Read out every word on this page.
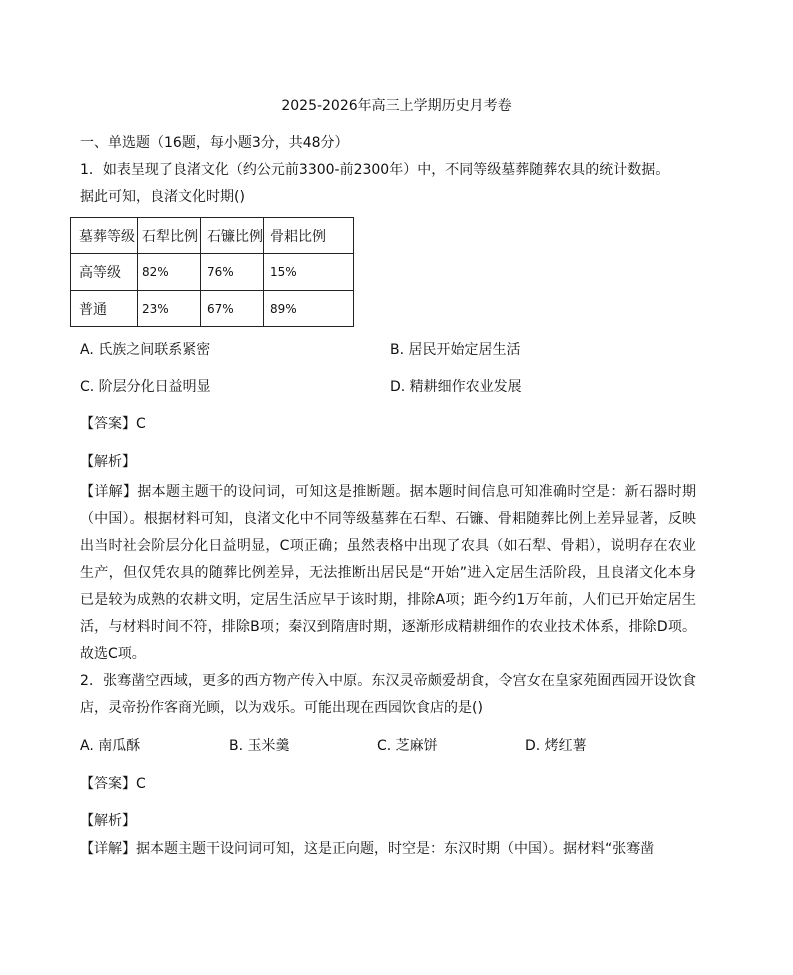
2025-2026年高三上学期历史月考卷
一、单选题（16题，每小题3分，共48分）
1．如表呈现了良渚文化（约公元前3300-前2300年）中，不同等级墓葬随葬农具的统计数据。
据此可知，良渚文化时期()
墓葬等级	石犁比例	石镰比例	骨耜比例
高等级	82%	76%	15%
普通	23%	67%	89%
A. 氏族之间联系紧密	B. 居民开始定居生活
C. 阶层分化日益明显	D. 精耕细作农业发展
【答案】C
【解析】
【详解】据本题主题干的设问词，可知这是推断题。据本题时间信息可知准确时空是：新石器时期（中国）。根据材料可知，良渚文化中不同等级墓葬在石犁、石镰、骨耜随葬比例上差异显著，反映出当时社会阶层分化日益明显，C项正确；虽然表格中出现了农具（如石犁、骨耜），说明存在农业生产，但仅凭农具的随葬比例差异，无法推断出居民是“开始”进入定居生活阶段，且良渚文化本身已是较为成熟的农耕文明，定居生活应早于该时期，排除A项；距今约1万年前，人们已开始定居生活，与材料时间不符，排除B项；秦汉到隋唐时期，逐渐形成精耕细作的农业技术体系，排除D项。故选C项。
2．张骞凿空西域，更多的西方物产传入中原。东汉灵帝颇爱胡食，令宫女在皇家苑囿西园开设饮食店，灵帝扮作客商光顾，以为戏乐。可能出现在西园饮食店的是()
A. 南瓜酥	B. 玉米羹	C. 芝麻饼	D. 烤红薯
【答案】C
【解析】
【详解】据本题主题干设问词可知，这是正向题，时空是：东汉时期（中国）。据材料“张骞凿
